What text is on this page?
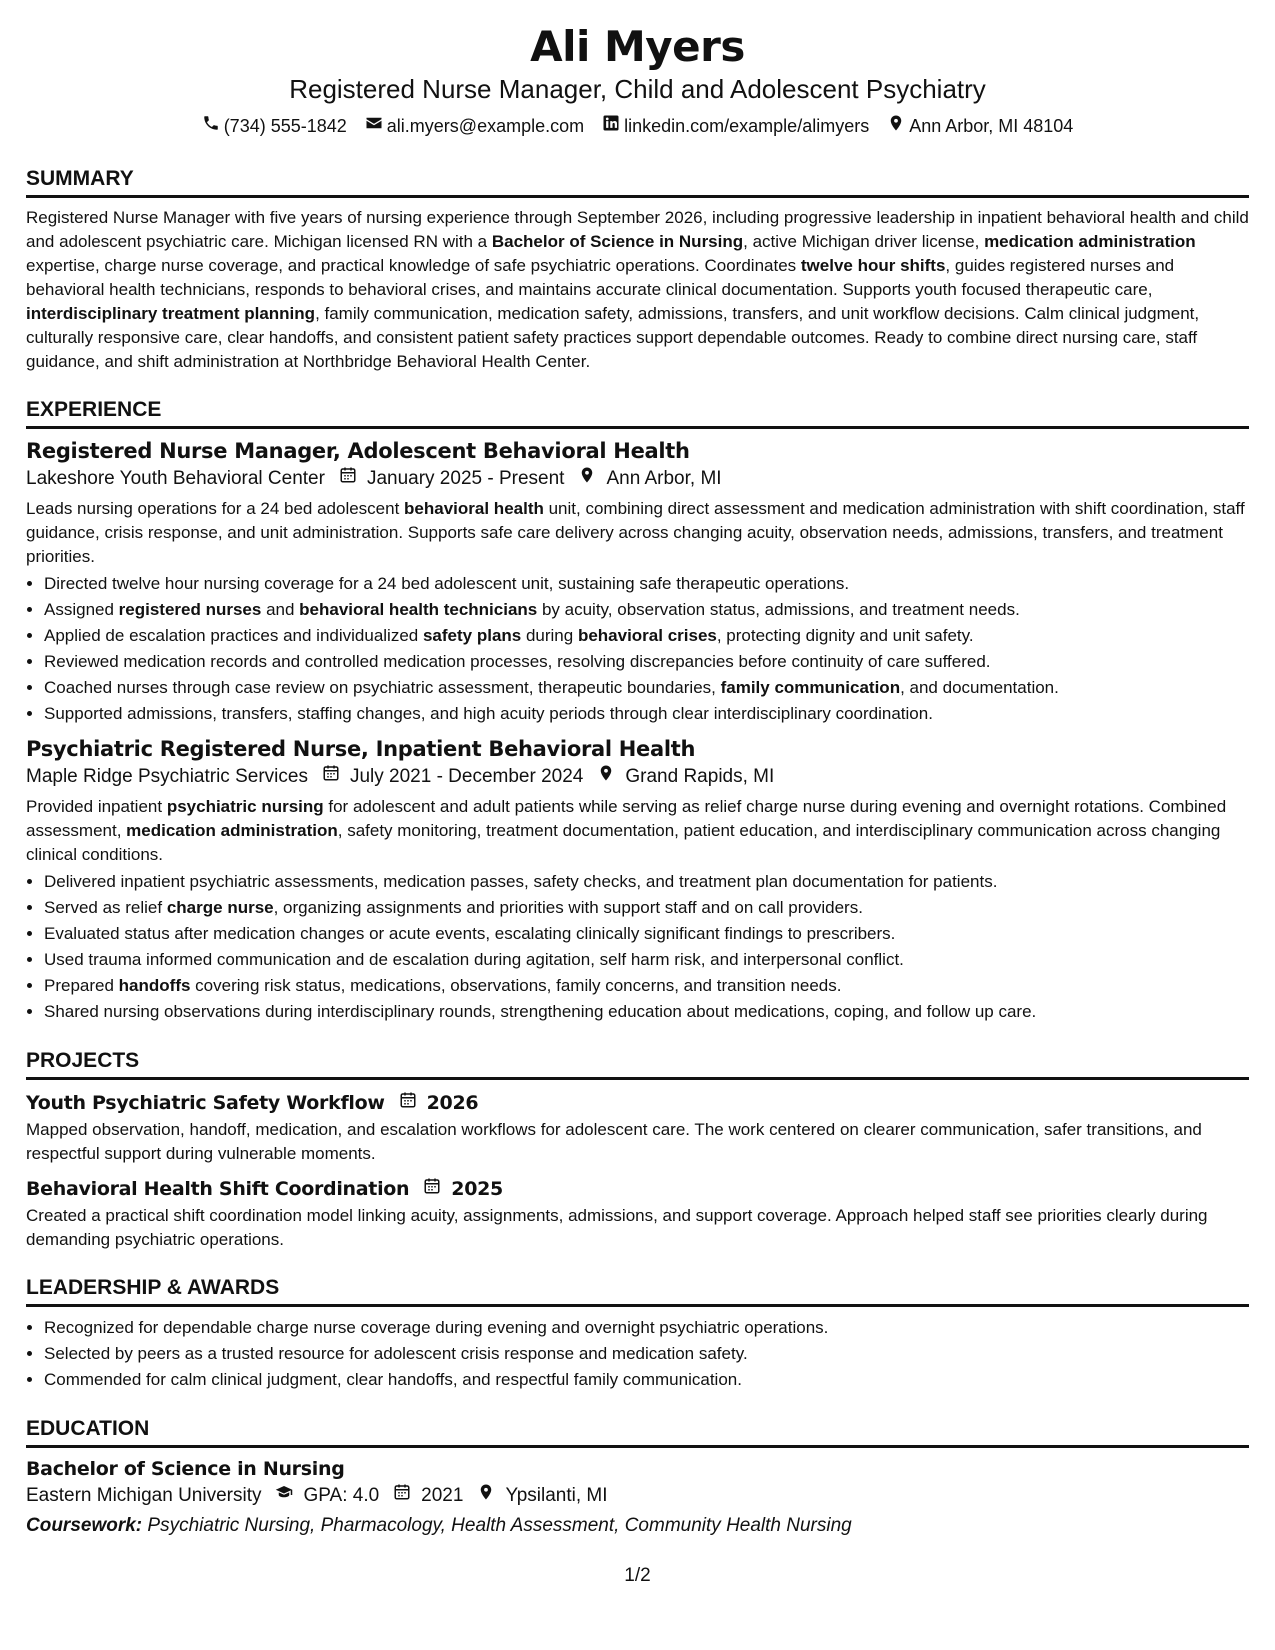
Ali Myers
Registered Nurse Manager, Child and Adolescent Psychiatry
(734) 555-1842 ali.myers@example.com linkedin.com/example/alimyers Ann Arbor, MI 48104
SUMMARY

Registered Nurse Manager with five years of nursing experience through September 2026, including progressive leadership in inpatient behavioral health and child and adolescent psychiatric care. Michigan licensed RN with a Bachelor of Science in Nursing, active Michigan driver license, medication administration expertise, charge nurse coverage, and practical knowledge of safe psychiatric operations. Coordinates twelve hour shifts, guides registered nurses and behavioral health technicians, responds to behavioral crises, and maintains accurate clinical documentation. Supports youth focused therapeutic care, interdisciplinary treatment planning, family communication, medication safety, admissions, transfers, and unit workflow decisions. Calm clinical judgment, culturally responsive care, clear handoffs, and consistent patient safety practices support dependable outcomes. Ready to combine direct nursing care, staff guidance, and shift administration at Northbridge Behavioral Health Center.

EXPERIENCE
Registered Nurse Manager, Adolescent Behavioral Health
Lakeshore Youth Behavioral Center January 2025 - Present Ann Arbor, MI

Leads nursing operations for a 24 bed adolescent behavioral health unit, combining direct assessment and medication administration with shift coordination, staff guidance, crisis response, and unit administration. Supports safe care delivery across changing acuity, observation needs, admissions, transfers, and treatment priorities.

• Directed twelve hour nursing coverage for a 24 bed adolescent unit, sustaining safe therapeutic operations.
• Assigned registered nurses and behavioral health technicians by acuity, observation status, admissions, and treatment needs.
• Applied de escalation practices and individualized safety plans during behavioral crises, protecting dignity and unit safety.
• Reviewed medication records and controlled medication processes, resolving discrepancies before continuity of care suffered.
• Coached nurses through case review on psychiatric assessment, therapeutic boundaries, family communication, and documentation.
• Supported admissions, transfers, staffing changes, and high acuity periods through clear interdisciplinary coordination.
Psychiatric Registered Nurse, Inpatient Behavioral Health
Maple Ridge Psychiatric Services July 2021 - December 2024 Grand Rapids, MI

Provided inpatient psychiatric nursing for adolescent and adult patients while serving as relief charge nurse during evening and overnight rotations. Combined assessment, medication administration, safety monitoring, treatment documentation, patient education, and interdisciplinary communication across changing clinical conditions.

• Delivered inpatient psychiatric assessments, medication passes, safety checks, and treatment plan documentation for patients.
• Served as relief charge nurse, organizing assignments and priorities with support staff and on call providers.
• Evaluated status after medication changes or acute events, escalating clinically significant findings to prescribers.
• Used trauma informed communication and de escalation during agitation, self harm risk, and interpersonal conflict.
• Prepared handoffs covering risk status, medications, observations, family concerns, and transition needs.
• Shared nursing observations during interdisciplinary rounds, strengthening education about medications, coping, and follow up care.
PROJECTS
Youth Psychiatric Safety Workflow 2026
Mapped observation, handoff, medication, and escalation workflows for adolescent care. The work centered on clearer communication, safer transitions, and respectful support during vulnerable moments.
Behavioral Health Shift Coordination 2025
Created a practical shift coordination model linking acuity, assignments, admissions, and support coverage. Approach helped staff see priorities clearly during demanding psychiatric operations.
LEADERSHIP & AWARDS
• Recognized for dependable charge nurse coverage during evening and overnight psychiatric operations.
• Selected by peers as a trusted resource for adolescent crisis response and medication safety.
• Commended for calm clinical judgment, clear handoffs, and respectful family communication.
EDUCATION
Bachelor of Science in Nursing
Eastern Michigan University GPA: 4.0 2021 Ypsilanti, MI
Coursework: Psychiatric Nursing, Pharmacology, Health Assessment, Community Health Nursing
1/2
